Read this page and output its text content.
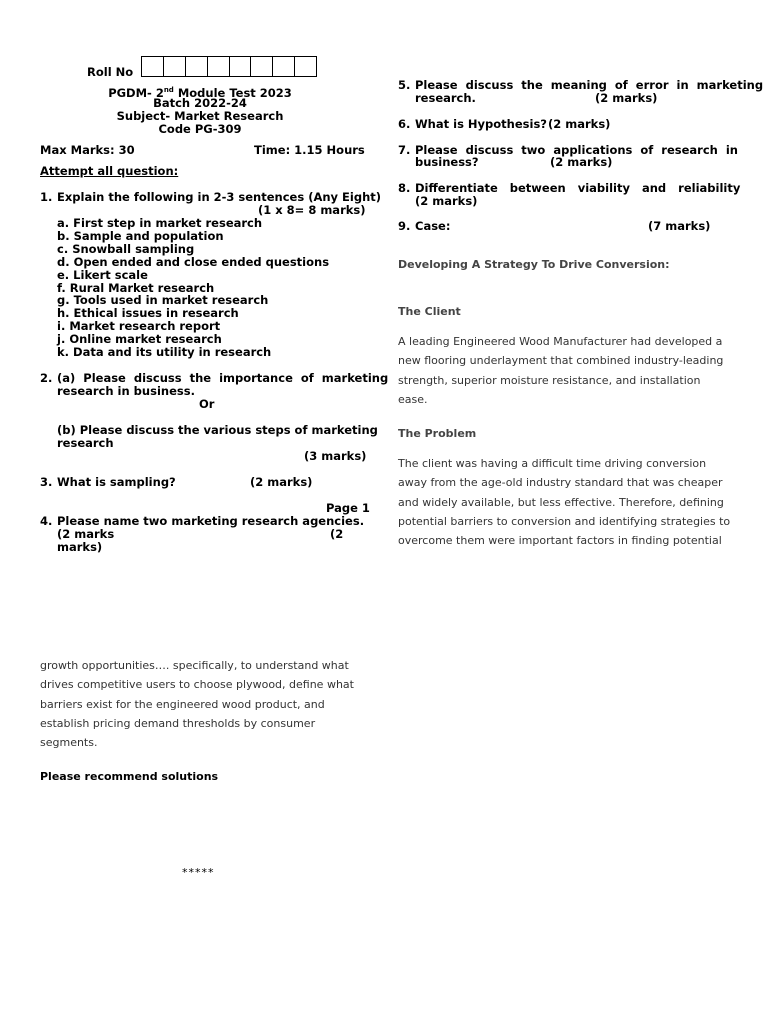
Roll No
PGDM- 2nd Module Test 2023
Batch 2022-24
Subject- Market Research
Code PG-309
Max Marks: 30	Time: 1.15 Hours
Attempt all question:
1. Explain the following in 2-3 sentences (Any Eight)
(1 x 8= 8 marks)
a. First step in market research
b. Sample and population
c. Snowball sampling
d. Open ended and close ended questions
e. Likert scale
f. Rural Market research
g. Tools used in market research
h. Ethical issues in research
i. Market research report
j. Online market research
k. Data and its utility in research
2. (a)  Please  discuss  the  importance  of  marketing
research in business.
Or
(b) Please discuss the various steps of marketing
research
(3 marks)
3. What is sampling?	(2 marks)
Page 1
4. Please name two marketing research agencies.
(2 marks	(2
marks)
5. Please  discuss  the  meaning  of  error  in  marketing
research.	(2 marks)
6. What is Hypothesis? (2 marks)
7. Please  discuss  two  applications  of  research  in
business?	(2 marks)
8. Differentiate   between   viability   and   reliability
(2 marks)
9. Case:	(7 marks)
Developing A Strategy To Drive Conversion:
The Client
A leading Engineered Wood Manufacturer had developed a
new flooring underlayment that combined industry-leading
strength, superior moisture resistance, and installation
ease.
The Problem
The client was having a difficult time driving conversion
away from the age-old industry standard that was cheaper
and widely available, but less effective. Therefore, defining
potential barriers to conversion and identifying strategies to
overcome them were important factors in finding potential
growth opportunities…. specifically, to understand what
drives competitive users to choose plywood, define what
barriers exist for the engineered wood product, and
establish pricing demand thresholds by consumer
segments.
Please recommend solutions
*****
